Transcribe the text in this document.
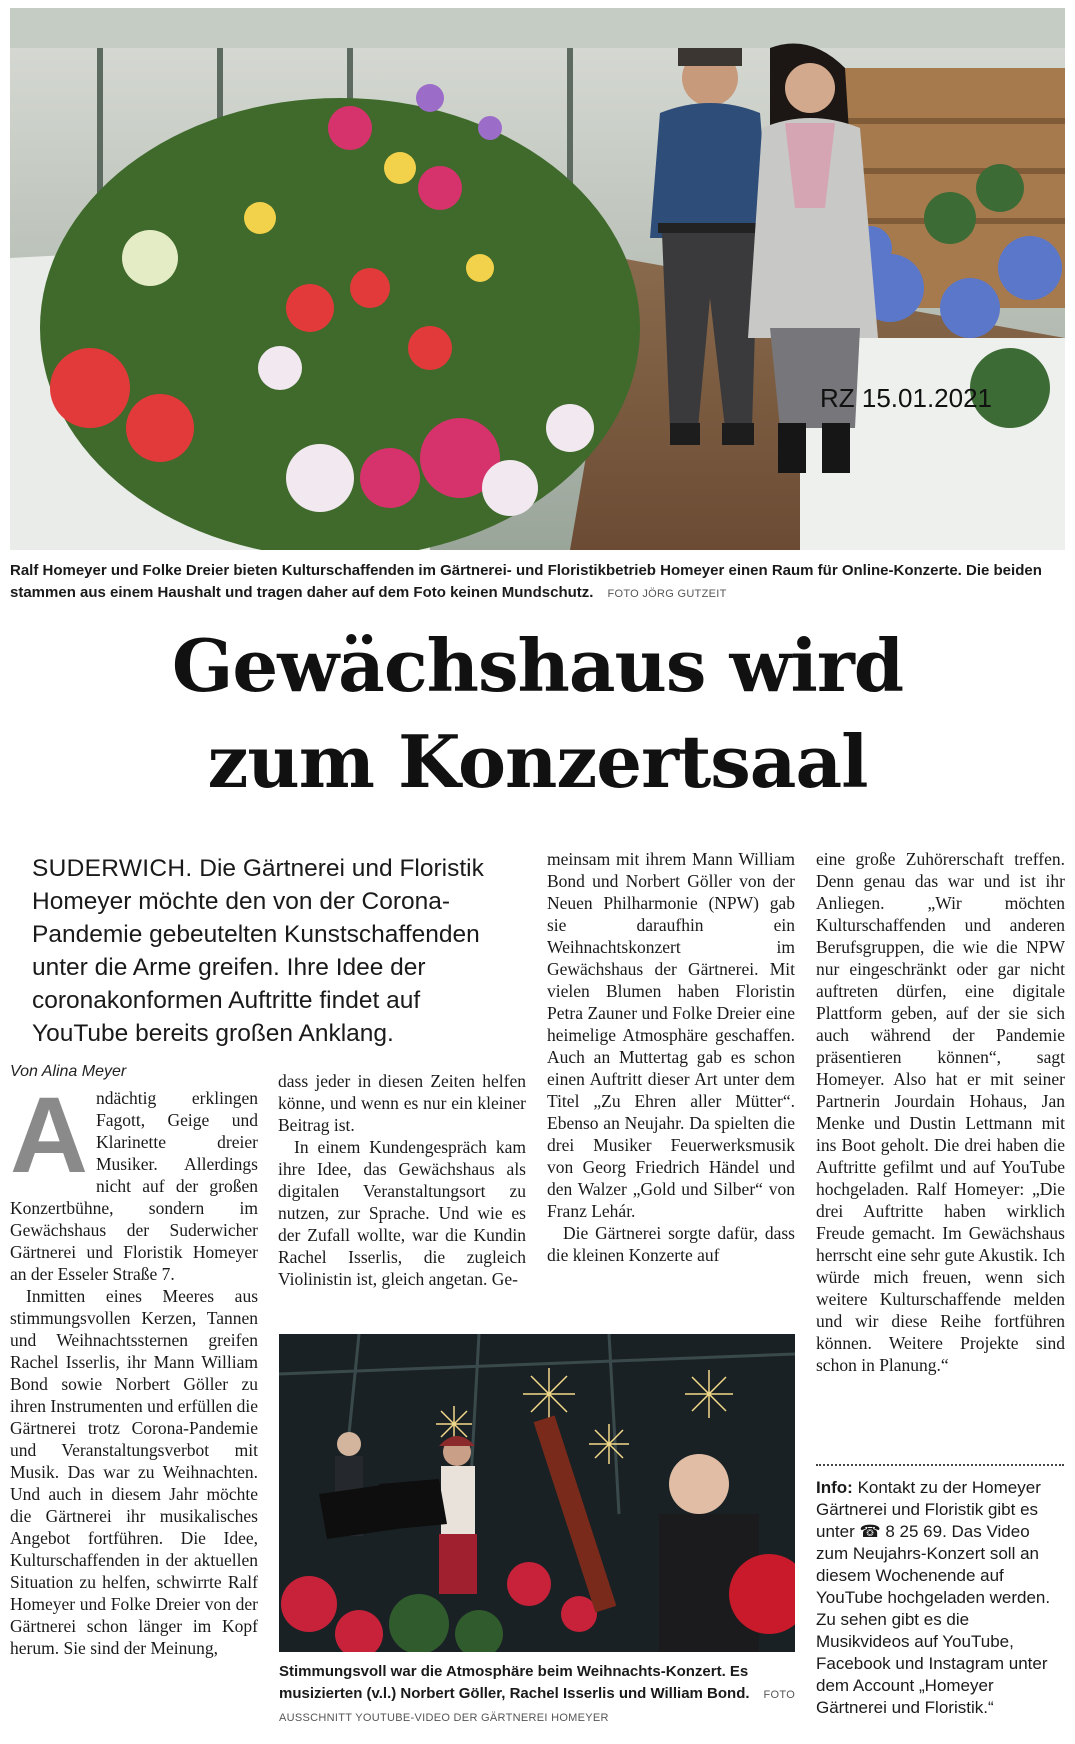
RZ 15.01.2021
Ralf Homeyer und Folke Dreier bieten Kulturschaffenden im Gärtnerei- und Floristikbetrieb Homeyer einen Raum für Online-Konzerte. Die beiden stammen aus einem Haushalt und tragen daher auf dem Foto keinen Mundschutz. FOTO JÖRG GUTZEIT
Gewächshaus wird
zum Konzertsaal
SUDERWICH. Die Gärtnerei und Floristik Homeyer möchte den von der Corona-Pandemie gebeutelten Kunstschaffenden unter die Arme greifen. Ihre Idee der coronakonformen Auftritte findet auf YouTube bereits großen Anklang.
Von Alina Meyer

Andächtig erklingen Fagott, Geige und Klarinette dreier Musiker. Allerdings nicht auf der großen Konzertbühne, sondern im Gewächshaus der Suderwicher Gärtnerei und Floristik Homeyer an der Esseler Straße 7.

Inmitten eines Meeres aus stimmungsvollen Kerzen, Tannen und Weihnachtssternen greifen Rachel Isserlis, ihr Mann William Bond sowie Norbert Göller zu ihren Instrumenten und erfüllen die Gärtnerei trotz Corona-Pandemie und Veranstaltungsverbot mit Musik. Das war zu Weihnachten. Und auch in diesem Jahr möchte die Gärtnerei ihr musikalisches Angebot fortführen. Die Idee, Kulturschaffenden in der aktuellen Situation zu helfen, schwirrte Ralf Homeyer und Folke Dreier von der Gärtnerei schon länger im Kopf herum. Sie sind der Meinung,

dass jeder in diesen Zeiten helfen könne, und wenn es nur ein kleiner Beitrag ist.

In einem Kundengespräch kam ihre Idee, das Gewächshaus als digitalen Veranstaltungsort zu nutzen, zur Sprache. Und wie es der Zufall wollte, war die Kundin Rachel Isserlis, die zugleich Violinistin ist, gleich angetan. Ge-

meinsam mit ihrem Mann William Bond und Norbert Göller von der Neuen Philharmonie (NPW) gab sie daraufhin ein Weihnachtskonzert im Gewächshaus der Gärtnerei. Mit vielen Blumen haben Floristin Petra Zauner und Folke Dreier eine heimelige Atmosphäre geschaffen. Auch an Muttertag gab es schon einen Auftritt dieser Art unter dem Titel „Zu Ehren aller Mütter“. Ebenso an Neujahr. Da spielten die drei Musiker Feuerwerksmusik von Georg Friedrich Händel und den Walzer „Gold und Silber“ von Franz Lehár.

Die Gärtnerei sorgte dafür, dass die kleinen Konzerte auf

eine große Zuhörerschaft treffen. Denn genau das war und ist ihr Anliegen. „Wir möchten Kulturschaffenden und anderen Berufsgruppen, die wie die NPW nur eingeschränkt oder gar nicht auftreten dürfen, eine digitale Plattform geben, auf der sie sich auch während der Pandemie präsentieren können“, sagt Homeyer. Also hat er mit seiner Partnerin Jourdain Hohaus, Jan Menke und Dustin Lettmann mit ins Boot geholt. Die drei haben die Auftritte gefilmt und auf YouTube hochgeladen. Ralf Homeyer: „Die drei Auftritte haben wirklich Freude gemacht. Im Gewächshaus herrscht eine sehr gute Akustik. Ich würde mich freuen, wenn sich weitere Kulturschaffende melden und wir diese Reihe fortführen können. Weitere Projekte sind schon in Planung.“

Stimmungsvoll war die Atmosphäre beim Weihnachts-Konzert. Es musizierten (v.l.) Norbert Göller, Rachel Isserlis und William Bond. FOTO AUSSCHNITT YOUTUBE-VIDEO DER GÄRTNEREI HOMEYER
Info: Kontakt zu der Homeyer Gärtnerei und Floristik gibt es unter ☎ 8 25 69. Das Video zum Neujahrs-Konzert soll an diesem Wochenende auf YouTube hochgeladen werden. Zu sehen gibt es die Musikvideos auf YouTube, Facebook und Instagram unter dem Account „Homeyer Gärtnerei und Floristik.“
